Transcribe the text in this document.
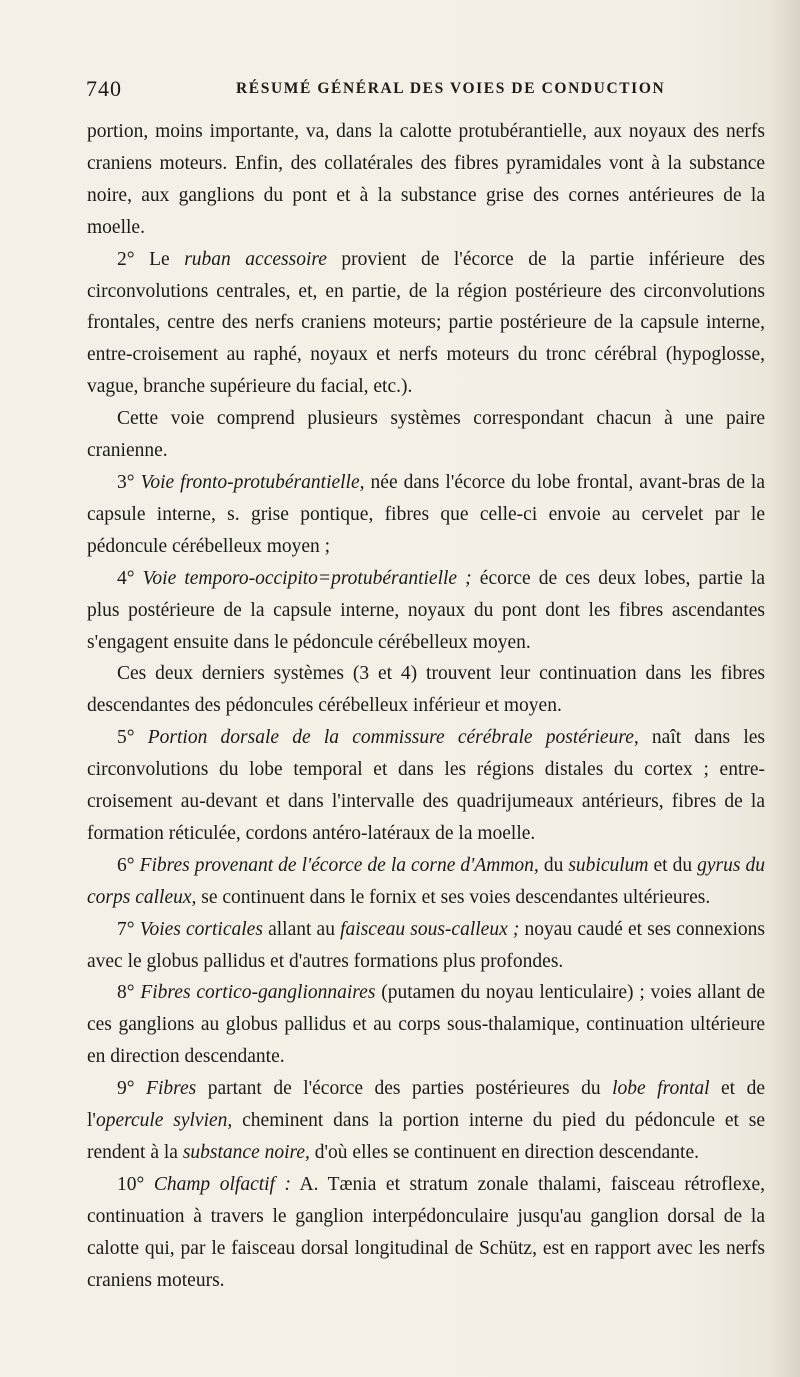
740	RÉSUMÉ GÉNÉRAL DES VOIES DE CONDUCTION

portion, moins importante, va, dans la calotte protubérantielle, aux noyaux des nerfs craniens moteurs. Enfin, des collatérales des fibres pyramidales vont à la substance noire, aux ganglions du pont et à la substance grise des cornes antérieures de la moelle.

2° Le ruban accessoire provient de l'écorce de la partie inférieure des circonvolutions centrales, et, en partie, de la région postérieure des circonvolutions frontales, centre des nerfs craniens moteurs; partie postérieure de la capsule interne, entre-croisement au raphé, noyaux et nerfs moteurs du tronc cérébral (hypoglosse, vague, branche supérieure du facial, etc.).

Cette voie comprend plusieurs systèmes correspondant chacun à une paire cranienne.

3° Voie fronto-protubérantielle, née dans l'écorce du lobe frontal, avant-bras de la capsule interne, s. grise pontique, fibres que celle-ci envoie au cervelet par le pédoncule cérébelleux moyen ;

4° Voie temporo-occipito=protubérantielle ; écorce de ces deux lobes, partie la plus postérieure de la capsule interne, noyaux du pont dont les fibres ascendantes s'engagent ensuite dans le pédoncule cérébelleux moyen.

Ces deux derniers systèmes (3 et 4) trouvent leur continuation dans les fibres descendantes des pédoncules cérébelleux inférieur et moyen.

5° Portion dorsale de la commissure cérébrale postérieure, naît dans les circonvolutions du lobe temporal et dans les régions distales du cortex ; entre-croisement au-devant et dans l'intervalle des quadrijumeaux antérieurs, fibres de la formation réticulée, cordons antéro-latéraux de la moelle.

6° Fibres provenant de l'écorce de la corne d'Ammon, du subiculum et du gyrus du corps calleux, se continuent dans le fornix et ses voies descendantes ultérieures.

7° Voies corticales allant au faisceau sous-calleux ; noyau caudé et ses connexions avec le globus pallidus et d'autres formations plus profondes.

8° Fibres cortico-ganglionnaires (putamen du noyau lenticulaire) ; voies allant de ces ganglions au globus pallidus et au corps sous-thalamique, continuation ultérieure en direction descendante.

9° Fibres partant de l'écorce des parties postérieures du lobe frontal et de l'opercule sylvien, cheminent dans la portion interne du pied du pédoncule et se rendent à la substance noire, d'où elles se continuent en direction descendante.

10° Champ olfactif : A. Tænia et stratum zonale thalami, faisceau rétroflexe, continuation à travers le ganglion interpédonculaire jusqu'au ganglion dorsal de la calotte qui, par le faisceau dorsal longitudinal de Schütz, est en rapport avec les nerfs craniens moteurs.
